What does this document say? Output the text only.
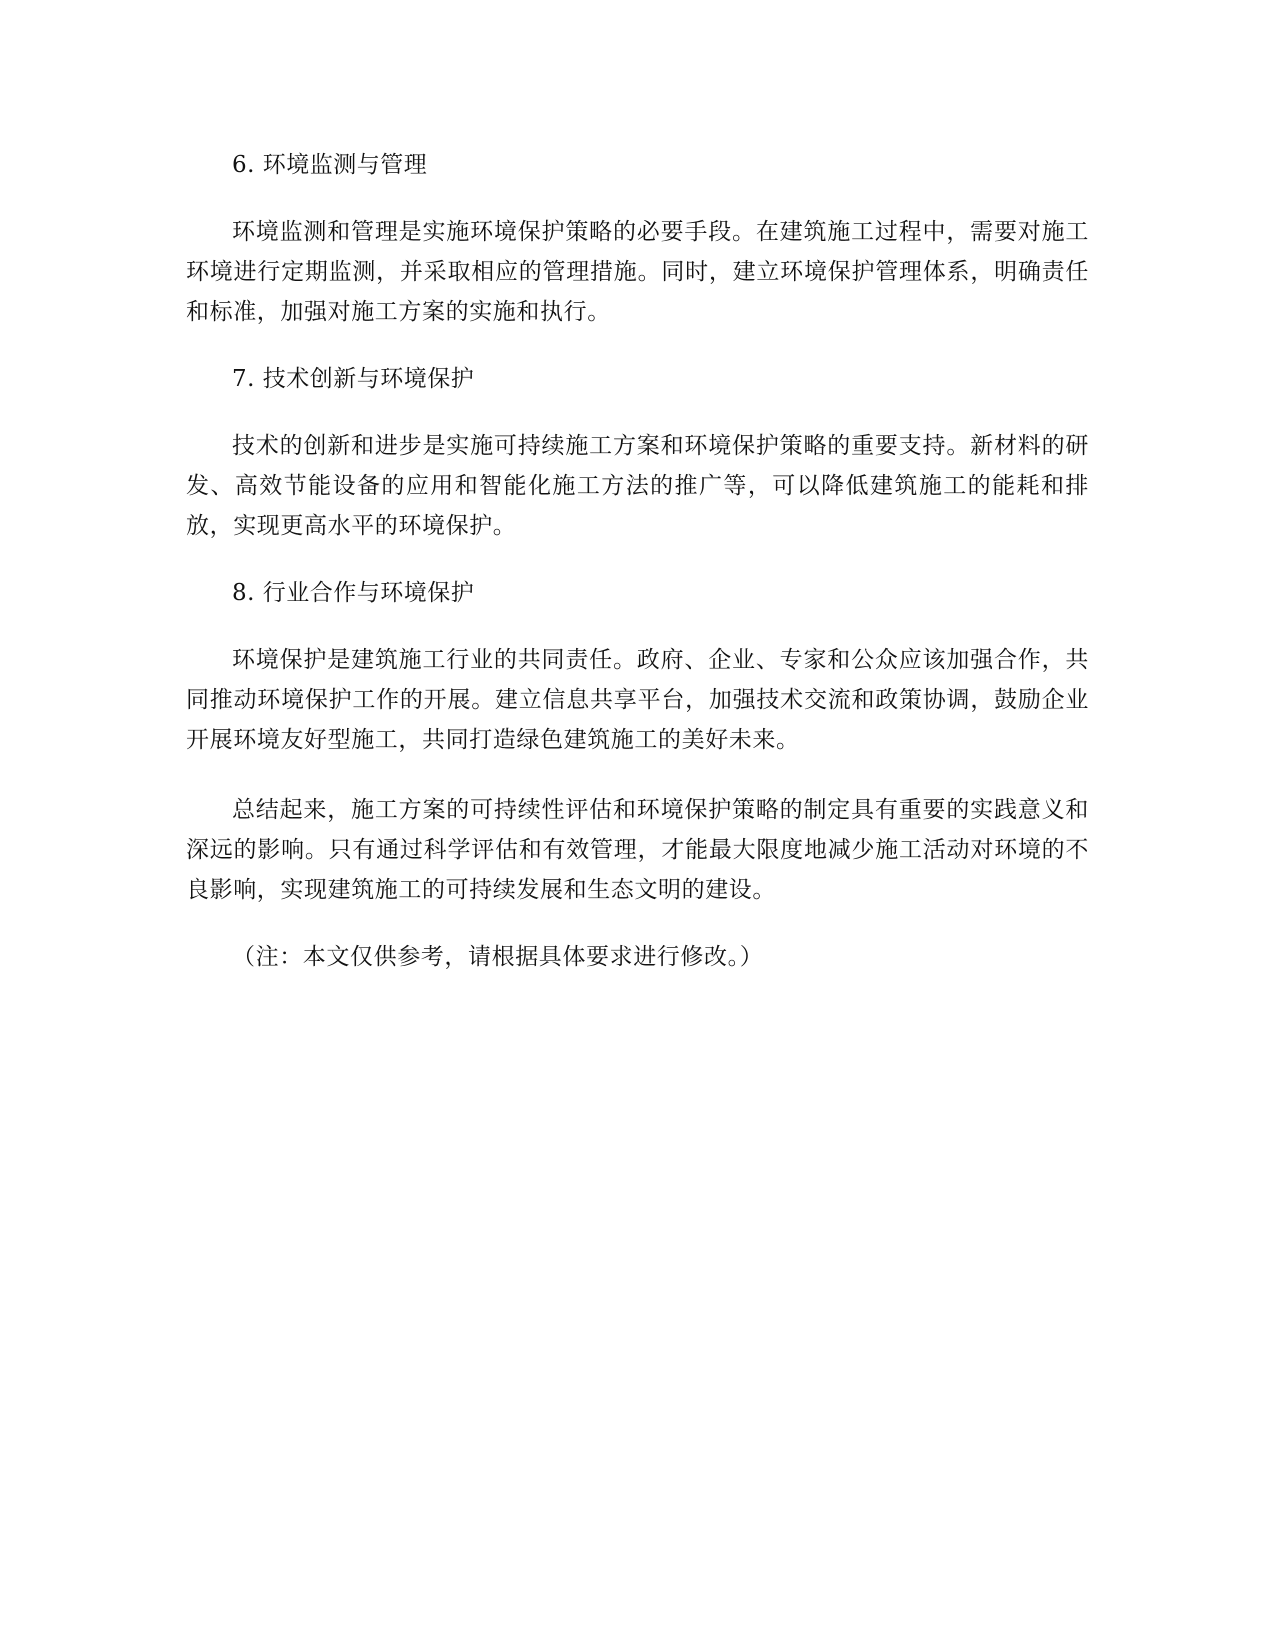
6. 环境监测与管理

环境监测和管理是实施环境保护策略的必要手段。在建筑施工过程中，需要对施工环境进行定期监测，并采取相应的管理措施。同时，建立环境保护管理体系，明确责任和标准，加强对施工方案的实施和执行。

7. 技术创新与环境保护

技术的创新和进步是实施可持续施工方案和环境保护策略的重要支持。新材料的研发、高效节能设备的应用和智能化施工方法的推广等，可以降低建筑施工的能耗和排放，实现更高水平的环境保护。

8. 行业合作与环境保护

环境保护是建筑施工行业的共同责任。政府、企业、专家和公众应该加强合作，共同推动环境保护工作的开展。建立信息共享平台，加强技术交流和政策协调，鼓励企业开展环境友好型施工，共同打造绿色建筑施工的美好未来。

总结起来，施工方案的可持续性评估和环境保护策略的制定具有重要的实践意义和深远的影响。只有通过科学评估和有效管理，才能最大限度地减少施工活动对环境的不良影响，实现建筑施工的可持续发展和生态文明的建设。

（注：本文仅供参考，请根据具体要求进行修改。）
